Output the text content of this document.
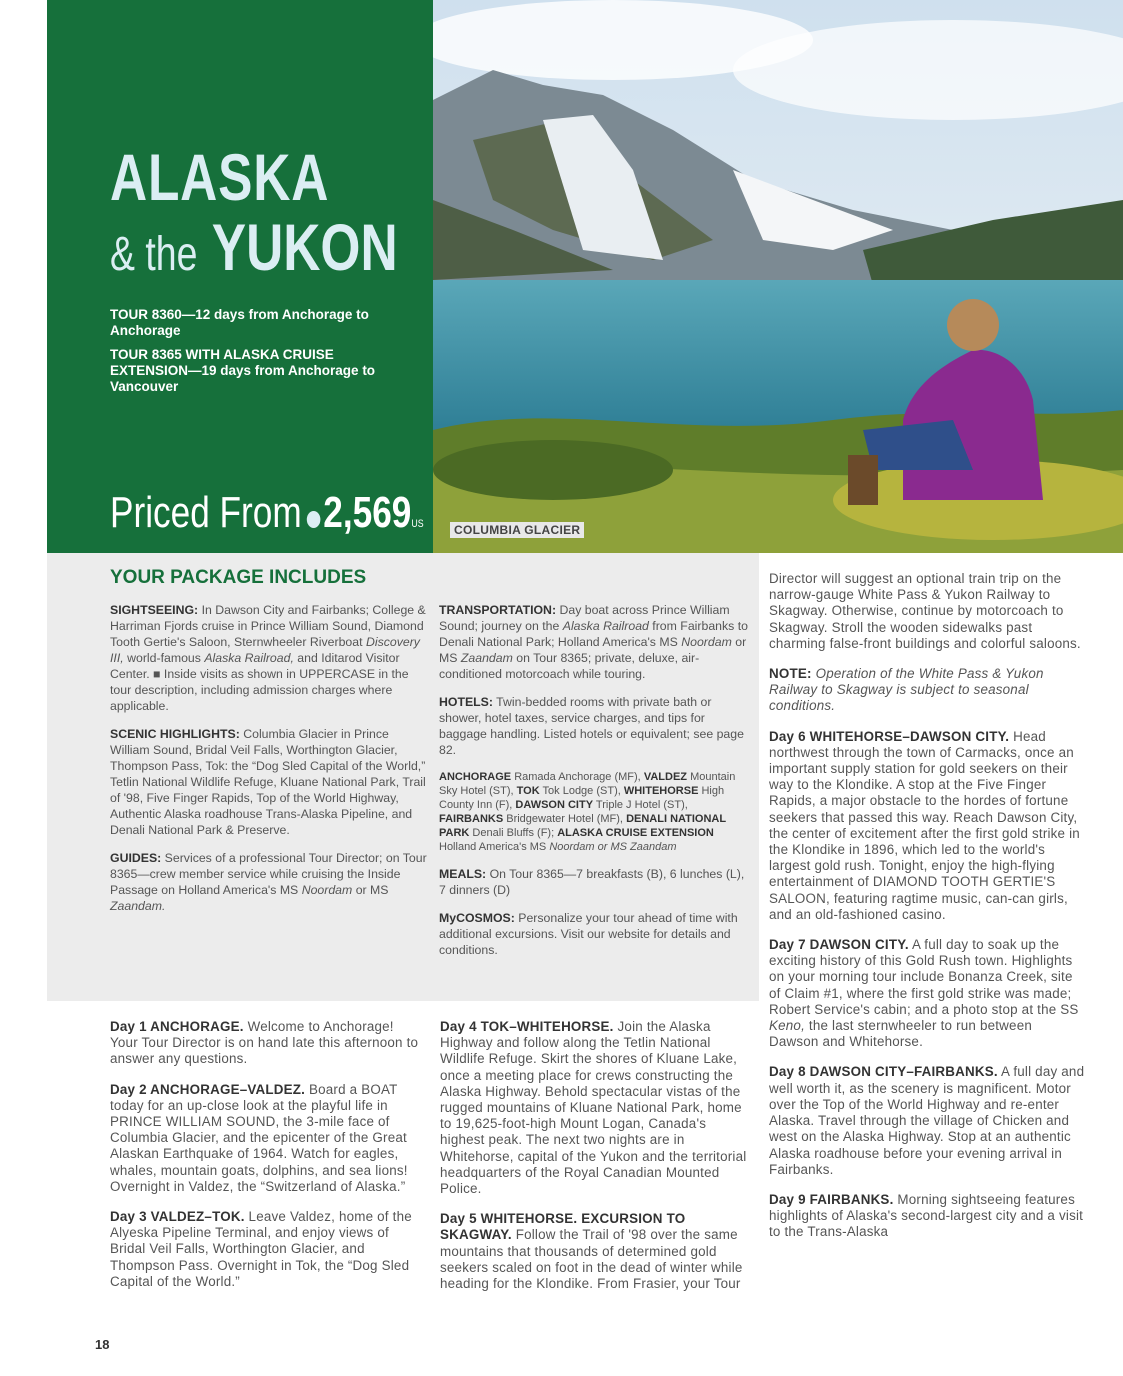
ALASKA
& the YUKON
TOUR 8360—12 days from Anchorage to Anchorage
TOUR 8365 WITH ALASKA CRUISE EXTENSION—19 days from Anchorage to Vancouver
Priced From 2,569US	COLUMBIA GLACIER
YOUR PACKAGE INCLUDES

SIGHTSEEING: In Dawson City and Fairbanks; College & Harriman Fjords cruise in Prince William Sound, Diamond Tooth Gertie's Saloon, Sternwheeler Riverboat Discovery III, world-famous Alaska Railroad, and Iditarod Visitor Center. ■ Inside visits as shown in UPPERCASE in the tour description, including admission charges where applicable.

SCENIC HIGHLIGHTS: Columbia Glacier in Prince William Sound, Bridal Veil Falls, Worthington Glacier, Thompson Pass, Tok: the “Dog Sled Capital of the World,” Tetlin National Wildlife Refuge, Kluane National Park, Trail of '98, Five Finger Rapids, Top of the World Highway, Authentic Alaska roadhouse Trans-Alaska Pipeline, and Denali National Park & Preserve.

GUIDES: Services of a professional Tour Director; on Tour 8365—crew member service while cruising the Inside Passage on Holland America's MS Noordam or MS Zaandam.

TRANSPORTATION: Day boat across Prince William Sound; journey on the Alaska Railroad from Fairbanks to Denali National Park; Holland America's MS Noordam or MS Zaandam on Tour 8365; private, deluxe, air-conditioned motorcoach while touring.

HOTELS: Twin-bedded rooms with private bath or shower, hotel taxes, service charges, and tips for baggage handling. Listed hotels or equivalent; see page 82.

ANCHORAGE Ramada Anchorage (MF), VALDEZ Mountain Sky Hotel (ST), TOK Tok Lodge (ST), WHITEHORSE High County Inn (F), DAWSON CITY Triple J Hotel (ST), FAIRBANKS Bridgewater Hotel (MF), DENALI NATIONAL PARK Denali Bluffs (F); ALASKA CRUISE EXTENSION Holland America's MS Noordam or MS Zaandam

MEALS: On Tour 8365—7 breakfasts (B), 6 lunches (L), 7 dinners (D)

MyCOSMOS: Personalize your tour ahead of time with additional excursions. Visit our website for details and conditions.

Day 1 ANCHORAGE. Welcome to Anchorage! Your Tour Director is on hand late this afternoon to answer any questions.

Day 2 ANCHORAGE–VALDEZ. Board a BOAT today for an up-close look at the playful life in PRINCE WILLIAM SOUND, the 3-mile face of Columbia Glacier, and the epicenter of the Great Alaskan Earthquake of 1964. Watch for eagles, whales, mountain goats, dolphins, and sea lions! Overnight in Valdez, the “Switzerland of Alaska.”

Day 3 VALDEZ–TOK. Leave Valdez, home of the Alyeska Pipeline Terminal, and enjoy views of Bridal Veil Falls, Worthington Glacier, and Thompson Pass. Overnight in Tok, the “Dog Sled Capital of the World.”

Day 4 TOK–WHITEHORSE. Join the Alaska Highway and follow along the Tetlin National Wildlife Refuge. Skirt the shores of Kluane Lake, once a meeting place for crews constructing the Alaska Highway. Behold spectacular vistas of the rugged mountains of Kluane National Park, home to 19,625-foot-high Mount Logan, Canada's highest peak. The next two nights are in Whitehorse, capital of the Yukon and the territorial headquarters of the Royal Canadian Mounted Police.

Day 5 WHITEHORSE. EXCURSION TO SKAGWAY. Follow the Trail of '98 over the same mountains that thousands of determined gold seekers scaled on foot in the dead of winter while heading for the Klondike. From Frasier, your Tour

Director will suggest an optional train trip on the narrow-gauge White Pass & Yukon Railway to Skagway. Otherwise, continue by motorcoach to Skagway. Stroll the wooden sidewalks past charming false-front buildings and colorful saloons.

NOTE: Operation of the White Pass & Yukon Railway to Skagway is subject to seasonal conditions.

Day 6 WHITEHORSE–DAWSON CITY. Head northwest through the town of Carmacks, once an important supply station for gold seekers on their way to the Klondike. A stop at the Five Finger Rapids, a major obstacle to the hordes of fortune seekers that passed this way. Reach Dawson City, the center of excitement after the first gold strike in the Klondike in 1896, which led to the world's largest gold rush. Tonight, enjoy the high-flying entertainment of DIAMOND TOOTH GERTIE'S SALOON, featuring ragtime music, can-can girls, and an old-fashioned casino.

Day 7 DAWSON CITY. A full day to soak up the exciting history of this Gold Rush town. Highlights on your morning tour include Bonanza Creek, site of Claim #1, where the first gold strike was made; Robert Service's cabin; and a photo stop at the SS Keno, the last sternwheeler to run between Dawson and Whitehorse.

Day 8 DAWSON CITY–FAIRBANKS. A full day and well worth it, as the scenery is magnificent. Motor over the Top of the World Highway and re-enter Alaska. Travel through the village of Chicken and west on the Alaska Highway. Stop at an authentic Alaska roadhouse before your evening arrival in Fairbanks.

Day 9 FAIRBANKS. Morning sightseeing features highlights of Alaska's second-largest city and a visit to the Trans-Alaska

18
